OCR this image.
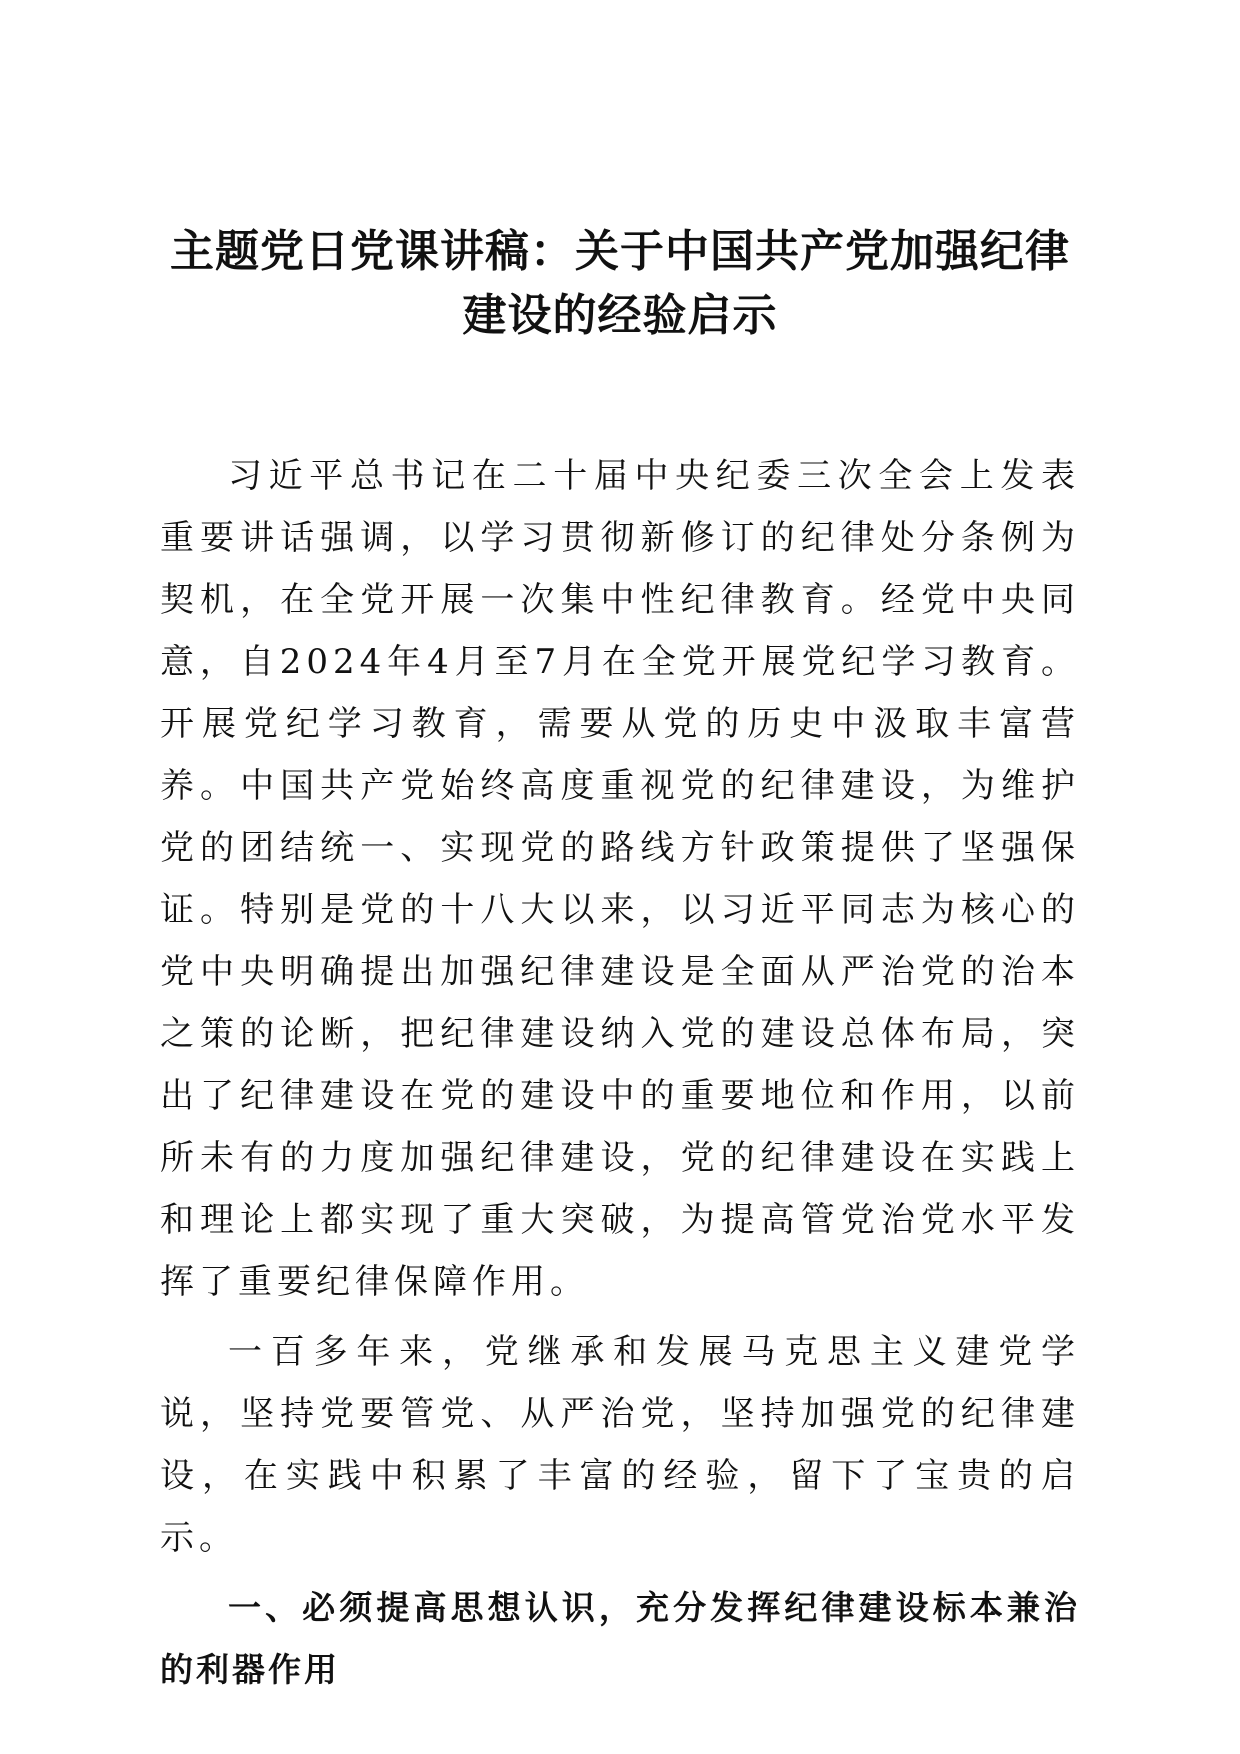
主题党日党课讲稿：关于中国共产党加强纪律
建设的经验启示

习近平总书记在二十届中央纪委三次全会上发表重要讲话强调，以学习贯彻新修订的纪律处分条例为契机，在全党开展一次集中性纪律教育。经党中央同意，自2024年4月至7月在全党开展党纪学习教育。开展党纪学习教育，需要从党的历史中汲取丰富营养。中国共产党始终高度重视党的纪律建设，为维护党的团结统一、实现党的路线方针政策提供了坚强保证。特别是党的十八大以来，以习近平同志为核心的党中央明确提出加强纪律建设是全面从严治党的治本之策的论断，把纪律建设纳入党的建设总体布局，突出了纪律建设在党的建设中的重要地位和作用，以前所未有的力度加强纪律建设，党的纪律建设在实践上和理论上都实现了重大突破，为提高管党治党水平发挥了重要纪律保障作用。

一百多年来，党继承和发展马克思主义建党学说，坚持党要管党、从严治党，坚持加强党的纪律建设，在实践中积累了丰富的经验，留下了宝贵的启示。

一、必须提高思想认识，充分发挥纪律建设标本兼治的利器作用
